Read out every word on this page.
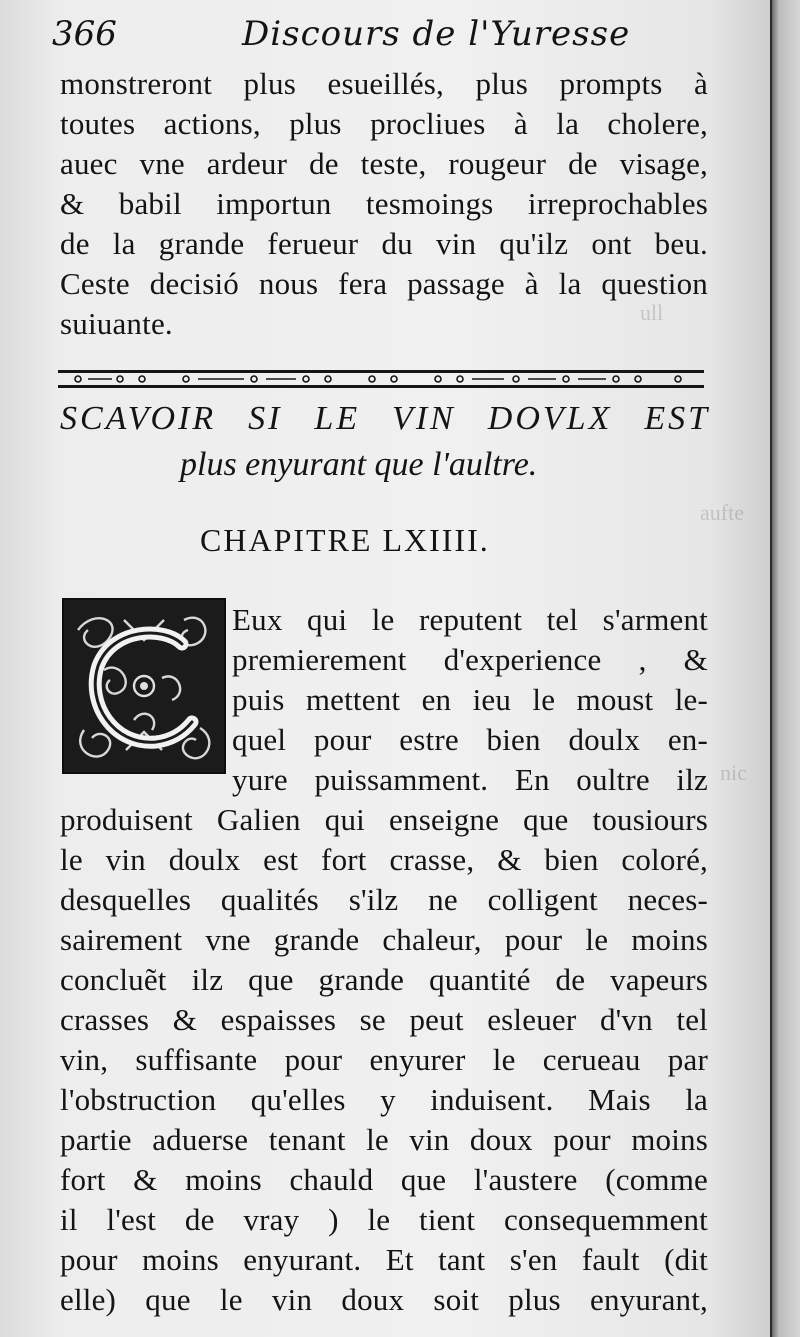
ull
aufte
nic
366	Discours de l'Yuresse
monstreront plus esueillés, plus prompts à
toutes actions, plus procliues à la cholere,
auec vne ardeur de teste, rougeur de visage,
& babil importun tesmoings irreprochables
de la grande ferueur du vin qu'ilz ont beu.
Ceste decisió nous fera passage à la question
suiuante.
SCAVOIR SI LE VIN DOVLX EST
plus enyurant que l'aultre.
CHAPITRE LXIIII.
Eux qui le reputent tel s'arment
premierement d'experience , &
puis mettent en ieu le moust le-
quel pour estre bien doulx en-
yure puissamment. En oultre ilz
produisent Galien qui enseigne que tousiours
le vin doulx est fort crasse, & bien coloré,
desquelles qualités s'ilz ne colligent neces-
sairement vne grande chaleur, pour le moins
concluẽt ilz que grande quantité de vapeurs
crasses & espaisses se peut esleuer d'vn tel
vin, suffisante pour enyurer le cerueau par
l'obstruction qu'elles y induisent. Mais la
partie aduerse tenant le vin doux pour moins
fort & moins chauld que l'austere (comme
il l'est de vray ) le tient consequemment
pour moins enyurant. Et tant s'en fault (dit
elle) que le vin doux soit plus enyurant,
